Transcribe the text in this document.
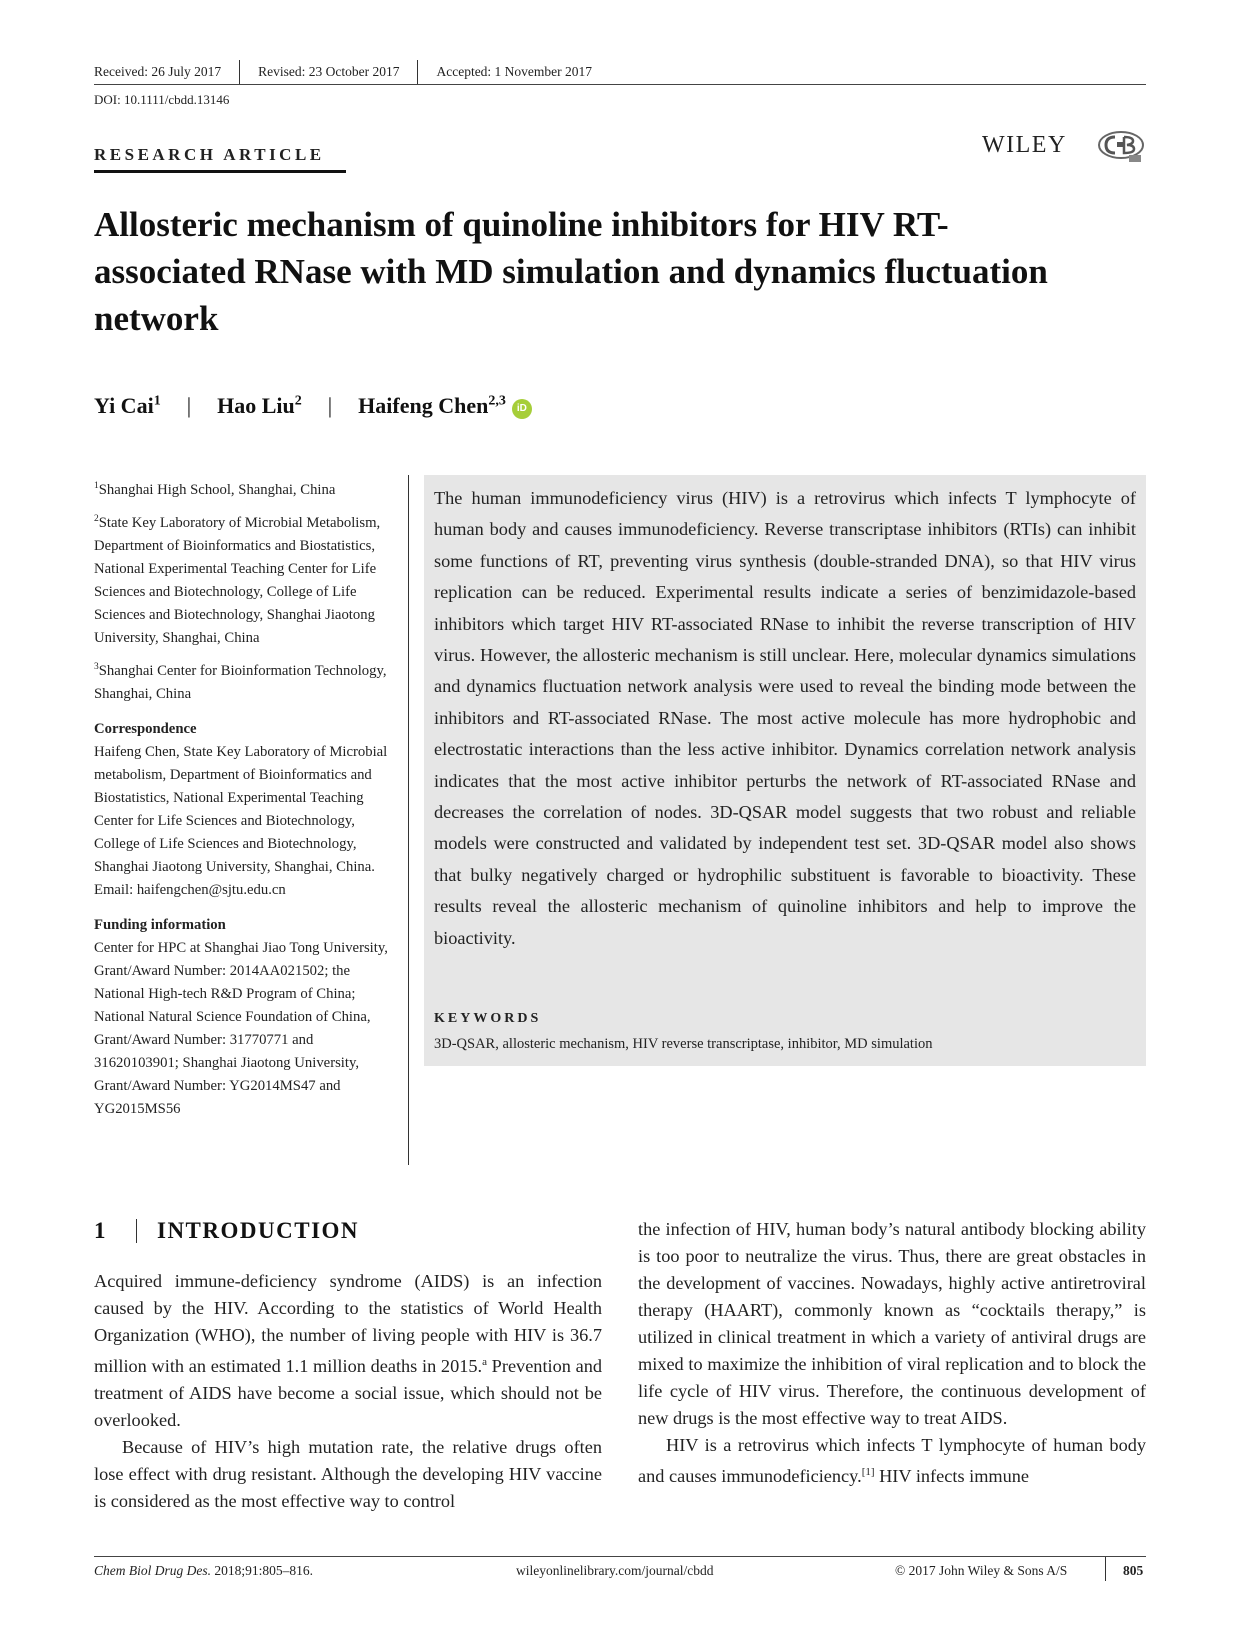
Received: 26 July 2017	Revised: 23 October 2017	Accepted: 1 November 2017
DOI: 10.1111/cbdd.13146
RESEARCH ARTICLE	WILEY
Allosteric mechanism of quinoline inhibitors for HIV RT-associated RNase with MD simulation and dynamics fluctuation network
Yi Cai$^1$	|	Hao Liu$^2$	|	Haifeng Chen$^{2,3}$	iD

$^1$Shanghai High School, Shanghai, China

$^2$State Key Laboratory of Microbial Metabolism, Department of Bioinformatics and Biostatistics, National Experimental Teaching Center for Life Sciences and Biotechnology, College of Life Sciences and Biotechnology, Shanghai Jiaotong University, Shanghai, China

$^3$Shanghai Center for Bioinformation Technology, Shanghai, China

Correspondence

Haifeng Chen, State Key Laboratory of Microbial metabolism, Department of Bioinformatics and Biostatistics, National Experimental Teaching Center for Life Sciences and Biotechnology, College of Life Sciences and Biotechnology, Shanghai Jiaotong University, Shanghai, China.
Email: haifengchen@sjtu.edu.cn

Funding information

Center for HPC at Shanghai Jiao Tong University, Grant/Award Number: 2014AA021502; the National High-tech R&D Program of China; National Natural Science Foundation of China, Grant/Award Number: 31770771 and 31620103901; Shanghai Jiaotong University, Grant/Award Number: YG2014MS47 and YG2015MS56

The human immunodeficiency virus (HIV) is a retrovirus which infects T lymphocyte of human body and causes immunodeficiency. Reverse transcriptase inhibitors (RTIs) can inhibit some functions of RT, preventing virus synthesis (double-stranded DNA), so that HIV virus replication can be reduced. Experimental results indicate a series of benzimidazole-based inhibitors which target HIV RT-associated RNase to inhibit the reverse transcription of HIV virus. However, the allosteric mechanism is still unclear. Here, molecular dynamics simulations and dynamics fluctuation network analysis were used to reveal the binding mode between the inhibitors and RT-associated RNase. The most active molecule has more hydrophobic and electrostatic interactions than the less active inhibitor. Dynamics correlation network analysis indicates that the most active inhibitor perturbs the network of RT-associated RNase and decreases the correlation of nodes. 3D-QSAR model suggests that two robust and reliable models were constructed and validated by independent test set. 3D-QSAR model also shows that bulky negatively charged or hydrophilic substituent is favorable to bioactivity. These results reveal the allosteric mechanism of quinoline inhibitors and help to improve the bioactivity.
KEYWORDS
3D-QSAR, allosteric mechanism, HIV reverse transcriptase, inhibitor, MD simulation
1	INTRODUCTION

Acquired immune-deficiency syndrome (AIDS) is an infection caused by the HIV. According to the statistics of World Health Organization (WHO), the number of living people with HIV is 36.7 million with an estimated 1.1 million deaths in 2015.$^a$ Prevention and treatment of AIDS have become a social issue, which should not be overlooked.

Because of HIV’s high mutation rate, the relative drugs often lose effect with drug resistant. Although the developing HIV vaccine is considered as the most effective way to control

the infection of HIV, human body’s natural antibody blocking ability is too poor to neutralize the virus. Thus, there are great obstacles in the development of vaccines. Nowadays, highly active antiretroviral therapy (HAART), commonly known as “cocktails therapy,” is utilized in clinical treatment in which a variety of antiviral drugs are mixed to maximize the inhibition of viral replication and to block the life cycle of HIV virus. Therefore, the continuous development of new drugs is the most effective way to treat AIDS.

HIV is a retrovirus which infects T lymphocyte of human body and causes immunodeficiency.[1] HIV infects immune

Chem Biol Drug Des. 2018;91:805–816.	wileyonlinelibrary.com/journal/cbdd	© 2017 John Wiley & Sons A/S	805
